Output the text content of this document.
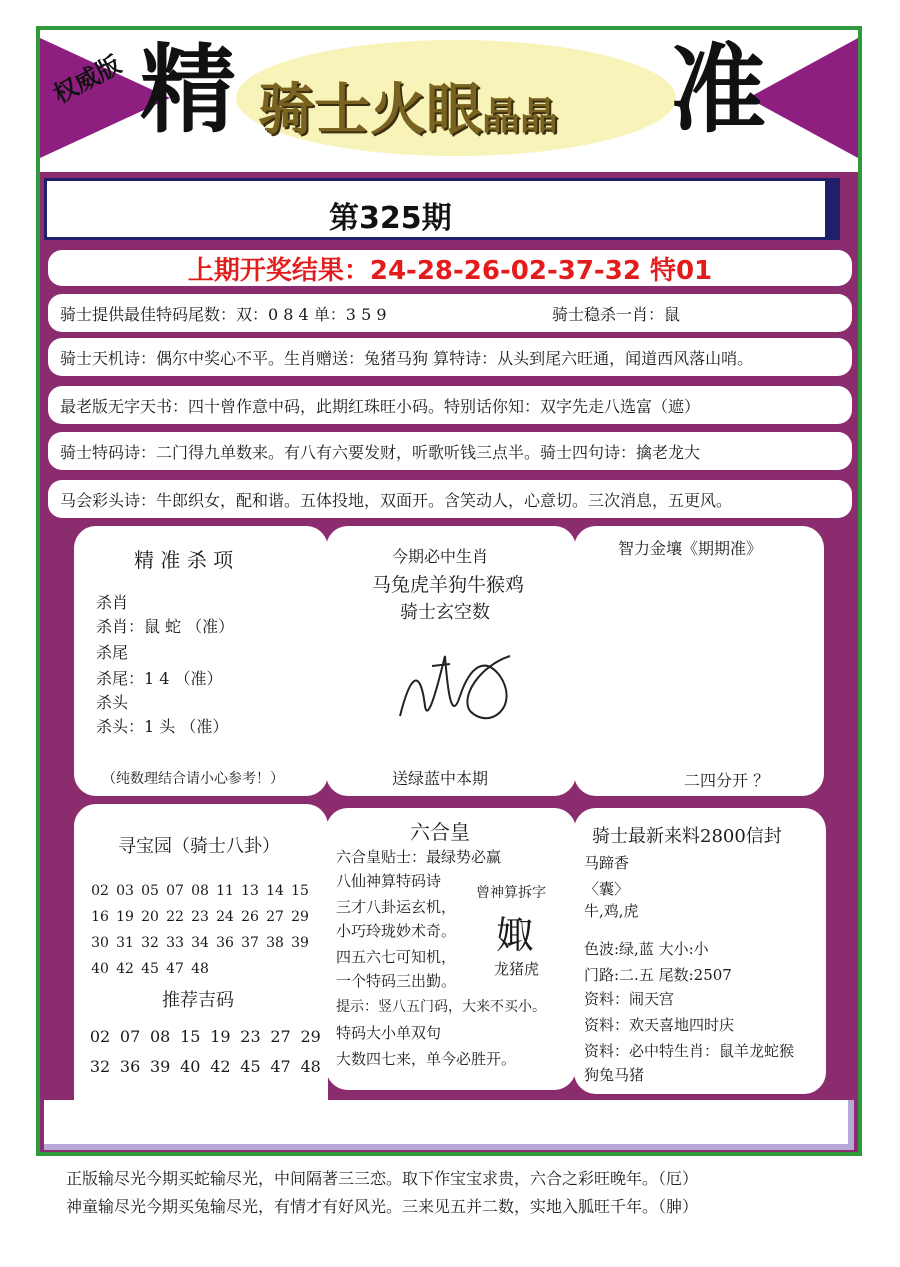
权威版 精 骑士火眼晶晶 准
第325期
上期开奖结果：24-28-26-02-37-32 特01
骑士提供最佳特码尾数：双：0 8 4 单：3 5 9	骑士稳杀一肖：鼠
骑士天机诗：偶尔中奖心不平。生肖赠送：兔猪马狗 算特诗：从头到尾六旺通，闻道西风落山哨。
最老版无字天书：四十曾作意中码，此期红珠旺小码。特别话你知：双字先走八选富（遮）
骑士特码诗：二门得九单数来。有八有六要发财，听歌听钱三点半。骑士四句诗：擒老龙大
马会彩头诗：牛郎织女，配和谐。五体投地，双面开。含笑动人，心意切。三次消息，五更风。
精 准 杀 项
杀肖
杀肖：鼠 蛇 （准）
杀尾
杀尾：1 4 （准）
杀头
杀头：1 头 （准）
（纯数理结合请小心参考！）
今期必中生肖
马兔虎羊狗牛猴鸡
骑士玄空数
送绿蓝中本期
智力金壤《期期准》
二四分开 ？
寻宝园（骑士八卦）
02 03 05 07 08 11 13 14 15
16 19 20 22 23 24 26 27 29
30 31 32 33 34 36 37 38 39
40 42 45 47 48
推荐吉码
02 07 08 15 19 23 27 29
32 36 39 40 42 45 47 48
六合皇
六合皇贴士：最绿势必赢
八仙神算特码诗
三才八卦运玄机，
小巧玲珑妙术奇。
四五六七可知机，
一个特码三出勤。
提示：竖八五门码，大来不买小。
特码大小单双句
大数四七来，单今必胜开。
曾神算拆字
娵
龙猪虎
骑士最新来料2800信封
马蹄香
〈囊〉
牛,鸡,虎
色波:绿,蓝 大小:小
门路:二.五 尾数:2507
资料：闹天宫
资料：欢天喜地四时庆
资料：必中特生肖：鼠羊龙蛇猴
狗兔马猪
正版输尽光今期买蛇输尽光，中间隔著三三恋。取下作宝宝求贵，六合之彩旺晚年。（厄）
神童输尽光今期买兔输尽光，有情才有好风光。三来见五并二数，实地入胍旺千年。（胂）
